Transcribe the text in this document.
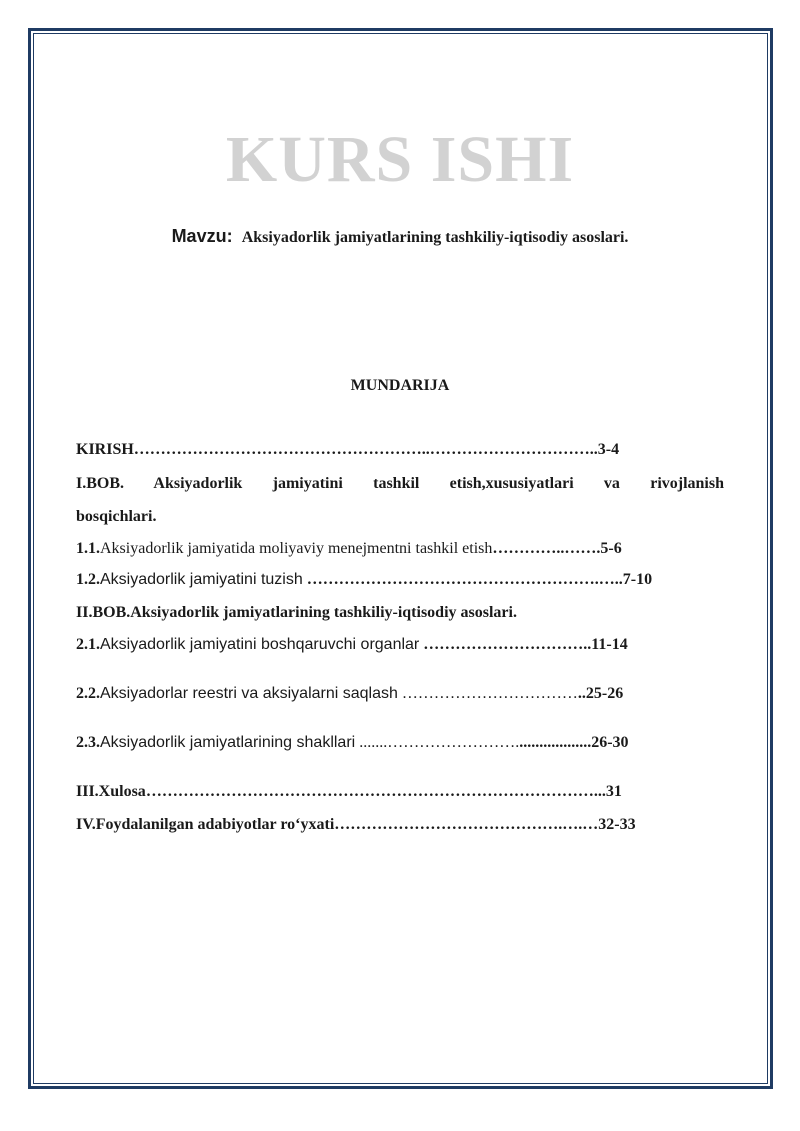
KURS ISHI
Mavzu: Aksiyadorlik jamiyatlarining tashkiliy-iqtisodiy asoslari.
MUNDARIJA
KIRISH………………………………………………..…………………………..3-4
I.BOB. Aksiyadorlik jamiyatini tashkil etish,xususiyatlari va rivojlanish
bosqichlari.
1.1.Aksiyadorlik jamiyatida moliyaviy menejmentni tashkil etish…………..…….5-6
1.2.Aksiyadorlik jamiyatini tuzish ……………………………………………….…..7-10
II.BOB.Aksiyadorlik jamiyatlarining tashkiliy-iqtisodiy asoslari.
2.1.Aksiyadorlik jamiyatini boshqaruvchi organlar …………………………..11-14
2.2.Aksiyadorlar reestri va aksiyalarni saqlash ……………………………..25-26
2.3.Aksiyadorlik jamiyatlarining shakllari .......……………………...................26-30
III.Xulosa…………………………………………………………………………...31
IV.Foydalanilgan adabiyotlar ro‘yxati…………………………………….….…32-33
